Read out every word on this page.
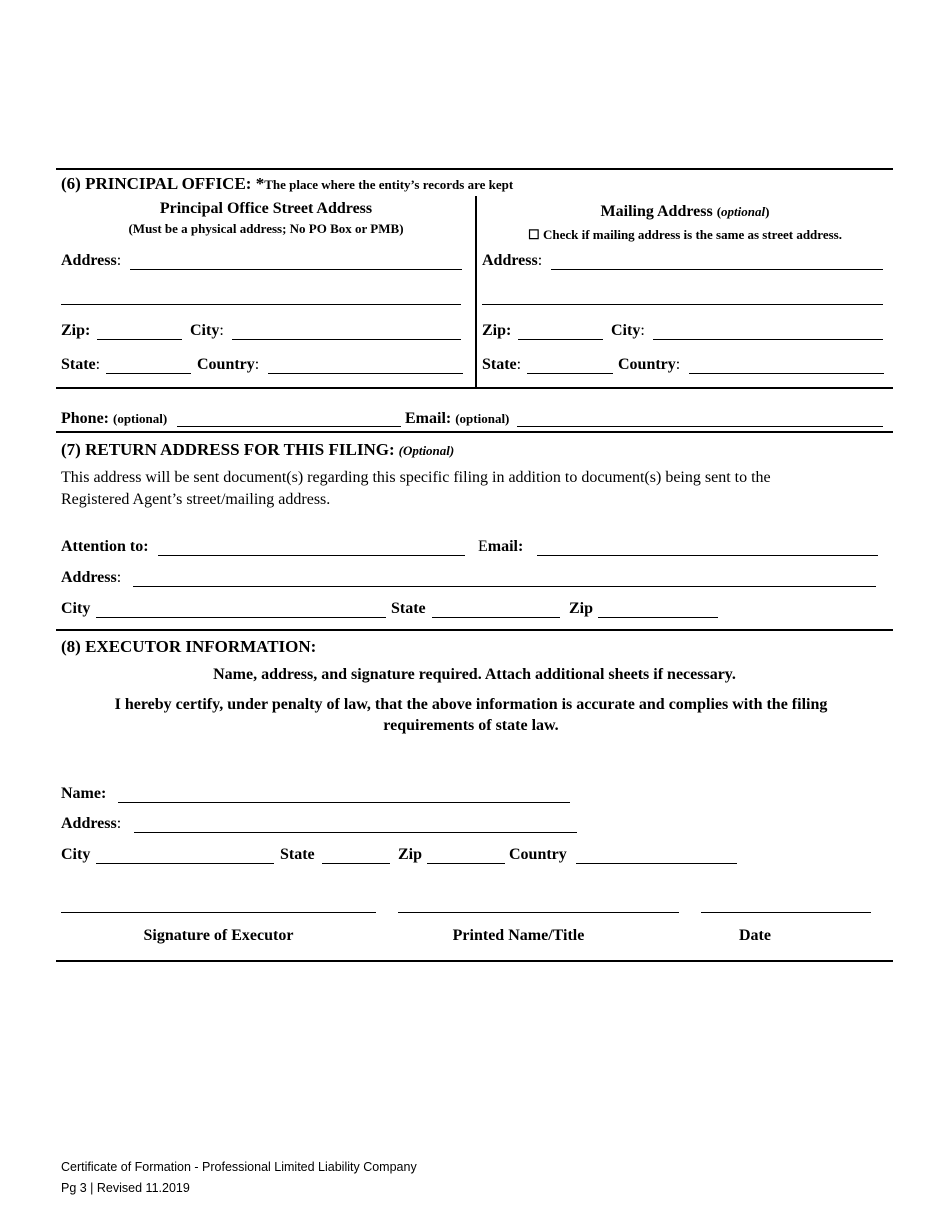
(6) PRINCIPAL OFFICE: *The place where the entity’s records are kept
Principal Office Street Address
(Must be a physical address; No PO Box or PMB)
Address:
Zip:	City:
State:	Country:
Mailing Address (optional)
☐ Check if mailing address is the same as street address.
Address:
Zip:	City:
State:	Country:
Phone: (optional)	Email: (optional)
(7) RETURN ADDRESS FOR THIS FILING: (Optional)
This address will be sent document(s) regarding this specific filing in addition to document(s) being sent to the
Registered Agent’s street/mailing address.
Attention to:	Email:
Address:
City	State	Zip
(8) EXECUTOR INFORMATION:
Name, address, and signature required. Attach additional sheets if necessary.
I hereby certify, under penalty of law, that the above information is accurate and complies with the filing
requirements of state law.
Name:
Address:
City	State	Zip	Country
Signature of Executor	Printed Name/Title	Date
Certificate of Formation - Professional Limited Liability Company
Pg 3 | Revised 11.2019
